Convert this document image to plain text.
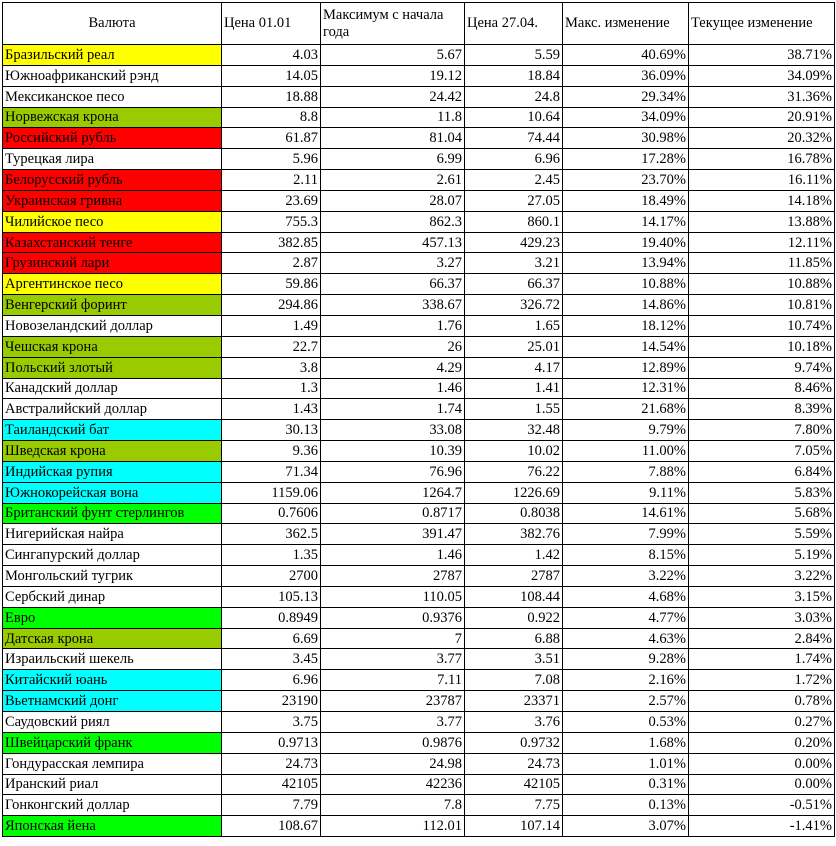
Валюта	Цена 01.01	Максимум с начала года	Цена 27.04.	Макс. изменение	Текущее изменение
Бразильский реал	4.03	5.67	5.59	40.69%	38.71%
Южноафриканский рэнд	14.05	19.12	18.84	36.09%	34.09%
Мексиканское песо	18.88	24.42	24.8	29.34%	31.36%
Норвежская крона	8.8	11.8	10.64	34.09%	20.91%
Российский рубль	61.87	81.04	74.44	30.98%	20.32%
Турецкая лира	5.96	6.99	6.96	17.28%	16.78%
Белорусский рубль	2.11	2.61	2.45	23.70%	16.11%
Украинская гривна	23.69	28.07	27.05	18.49%	14.18%
Чилийское песо	755.3	862.3	860.1	14.17%	13.88%
Казахстанский тенге	382.85	457.13	429.23	19.40%	12.11%
Грузинский лари	2.87	3.27	3.21	13.94%	11.85%
Аргентинское песо	59.86	66.37	66.37	10.88%	10.88%
Венгерский форинт	294.86	338.67	326.72	14.86%	10.81%
Новозеландский доллар	1.49	1.76	1.65	18.12%	10.74%
Чешская крона	22.7	26	25.01	14.54%	10.18%
Польский злотый	3.8	4.29	4.17	12.89%	9.74%
Канадский доллар	1.3	1.46	1.41	12.31%	8.46%
Австралийский доллар	1.43	1.74	1.55	21.68%	8.39%
Таиландский бат	30.13	33.08	32.48	9.79%	7.80%
Шведская крона	9.36	10.39	10.02	11.00%	7.05%
Индийская рупия	71.34	76.96	76.22	7.88%	6.84%
Южнокорейская вона	1159.06	1264.7	1226.69	9.11%	5.83%
Британский фунт стерлингов	0.7606	0.8717	0.8038	14.61%	5.68%
Нигерийская найра	362.5	391.47	382.76	7.99%	5.59%
Сингапурский доллар	1.35	1.46	1.42	8.15%	5.19%
Монгольский тугрик	2700	2787	2787	3.22%	3.22%
Сербский динар	105.13	110.05	108.44	4.68%	3.15%
Евро	0.8949	0.9376	0.922	4.77%	3.03%
Датская крона	6.69	7	6.88	4.63%	2.84%
Израильский шекель	3.45	3.77	3.51	9.28%	1.74%
Китайский юань	6.96	7.11	7.08	2.16%	1.72%
Вьетнамский донг	23190	23787	23371	2.57%	0.78%
Саудовский риял	3.75	3.77	3.76	0.53%	0.27%
Швейцарский франк	0.9713	0.9876	0.9732	1.68%	0.20%
Гондурасская лемпира	24.73	24.98	24.73	1.01%	0.00%
Иранский риал	42105	42236	42105	0.31%	0.00%
Гонконгский доллар	7.79	7.8	7.75	0.13%	-0.51%
Японская йена	108.67	112.01	107.14	3.07%	-1.41%
